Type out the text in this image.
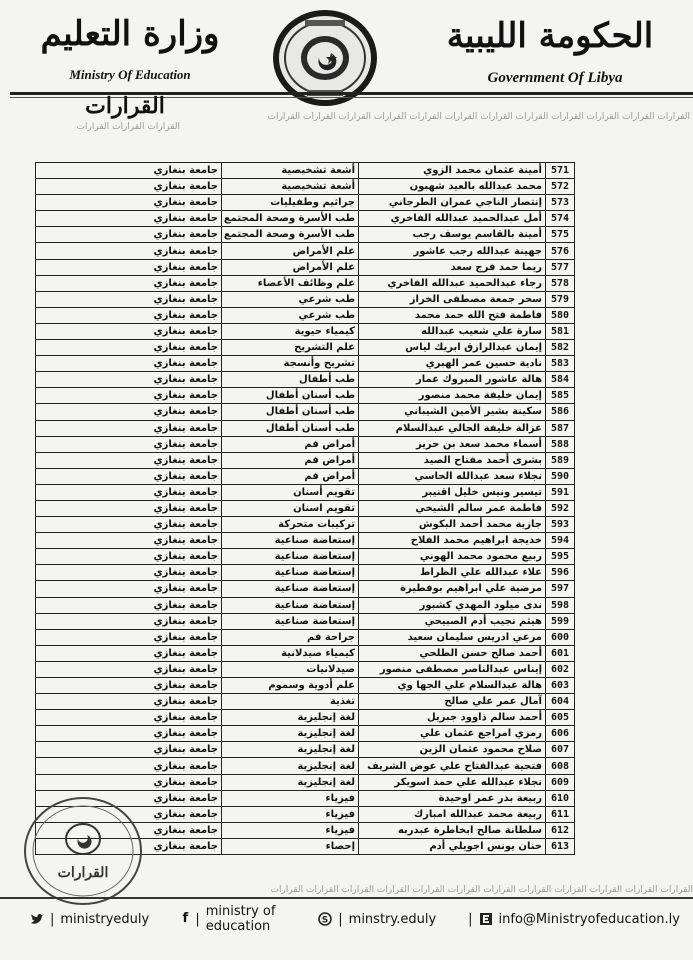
الحكومة الليبية
Government Of Libya
وزارة التعليم
Ministry Of Education
القرارات	القرارات القرارات القرارات القرارات القرارات القرارات القرارات القرارات القرارات القرارات القرارات القرارات
القرارات القرارات القرارات
571	أمينة عثمان محمد الزوي	أشعة تشخيصية	جامعة بنغازي
572	محمد عبدالله بالعيد شهبون	أشعة تشخيصية	جامعة بنغازي
573	إنتصار الناجي عمران الطرجاني	جراثيم وطفيليات	جامعة بنغازي
574	أمل عبدالحميد عبدالله الفاخري	طب الأسرة وصحة المجتمع	جامعة بنغازي
575	أمينة بالقاسم يوسف رجب	طب الأسرة وصحة المجتمع	جامعة بنغازي
576	جهينة عبدالله رجب عاشور	علم الأمراض	جامعة بنغازي
577	ريما حمد فرج سعد	علم الأمراض	جامعة بنغازي
578	رجاء عبدالحميد عبدالله الفاخري	علم وظائف الأعضاء	جامعة بنغازي
579	سحر جمعة مصطفى الخراز	طب شرعي	جامعة بنغازي
580	فاطمة فتح الله حمد محمد	طب شرعي	جامعة بنغازي
581	سارة علي شعيب عبدالله	كيمياء حيوية	جامعة بنغازي
582	إيمان عبدالرازق ابريك لياس	علم التشريح	جامعة بنغازي
583	نادية حسين عمر الهبري	تشريح وأنسجة	جامعة بنغازي
584	هالة عاشور المبروك عمار	طب أطفال	جامعة بنغازي
585	إيمان خليفة محمد منصور	طب أسنان أطفال	جامعة بنغازي
586	سكينة بشير الأمين الشيباني	طب أسنان أطفال	جامعة بنغازي
587	غزالة خليفة الجالي عبدالسلام	طب أسنان أطفال	جامعة بنغازي
588	أسماء محمد سعد بن حريز	أمراض فم	جامعة بنغازي
589	بشرى أحمد مفتاح الصيد	أمراض فم	جامعة بنغازي
590	نجلاء سعد عبدالله الحاسي	أمراض فم	جامعة بنغازي
591	تيسير ونيس خليل اقنيبر	تقويم أسنان	جامعة بنغازي
592	فاطمة عمر سالم الشيخي	تقويم اسنان	جامعة بنغازي
593	جازية محمد أحمد البكوش	تركيبات متحركة	جامعة بنغازي
594	خديجة ابراهيم محمد الفلاح	إستعاضة صناعية	جامعة بنغازي
595	ربيع محمود محمد الهوني	إستعاضة صناعية	جامعة بنغازي
596	علاء عبدالله علي الظراط	إستعاضة صناعية	جامعة بنغازي
597	مرضية علي ابراهيم بوفطيرة	إستعاضة صناعية	جامعة بنغازي
598	ندى ميلود المهدي كشبور	إستعاضة صناعية	جامعة بنغازي
599	هيثم نجيب أدم الصبيحي	إستعاضة صناعية	جامعة بنغازي
600	مرعي ادريس سليمان سعيد	جراحة فم	جامعة بنغازي
601	أحمد صالح حسن الطلحي	كيمياء صيدلانية	جامعة بنغازي
602	إيناس عبدالناصر مصطفى منصور	صيدلانيات	جامعة بنغازي
603	هالة عبدالسلام علي الجها وي	علم أدوية وسموم	جامعة بنغازي
604	آمال عمر علي صالح	تغذية	جامعة بنغازي
605	أحمد سالم ذاوود جبريل	لغة إنجليزية	جامعة بنغازي
606	رمزي امراجع عثمان علي	لغة إنجليزية	جامعة بنغازي
607	صلاح محمود عثمان الزين	لغة إنجليزية	جامعة بنغازي
608	فتحية عبدالفتاح علي عوض الشريف	لغة إنجليزية	جامعة بنغازي
609	نجلاء عبدالله علي حمد اسويكر	لغة إنجليزية	جامعة بنغازي
610	ربيعة بدر عمر اوحيدة	فيزياء	جامعة بنغازي
611	ربيعة محمد عبدالله امبارك	فيزياء	جامعة بنغازي
612	سلطانة صالح ابخاطرة عبدربه	فيزياء	جامعة بنغازي
613	حنان يونس اجويلي أدم	إحصاء	جامعة بنغازي
القرارات
القرارات القرارات القرارات القرارات القرارات القرارات القرارات القرارات القرارات القرارات القرارات القرارات
| ministryeduly	f | ministry of education	S | minstry.eduly | info@Ministryofeducation.ly
